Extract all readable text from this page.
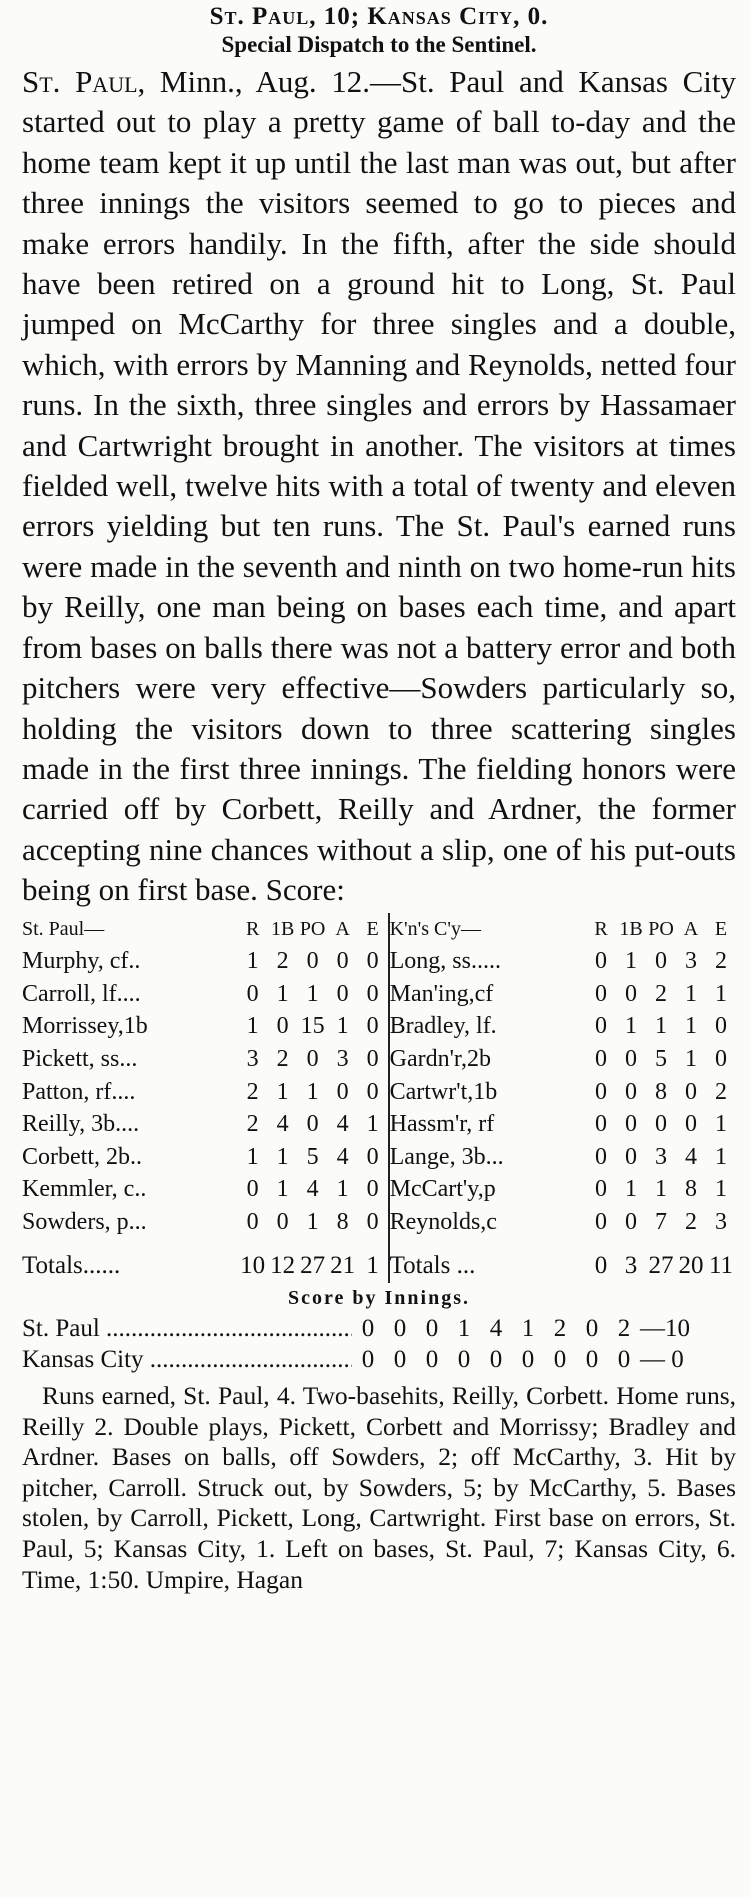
St. Paul, 10; Kansas City, 0.
Special Dispatch to the Sentinel.

St. Paul, Minn., Aug. 12.—St. Paul and Kansas City started out to play a pretty game of ball to-day and the home team kept it up until the last man was out, but after three innings the visitors seemed to go to pieces and make errors handily. In the fifth, after the side should have been retired on a ground hit to Long, St. Paul jumped on McCarthy for three singles and a double, which, with errors by Manning and Reynolds, netted four runs. In the sixth, three singles and errors by Hassamaer and Cartwright brought in another. The visitors at times fielded well, twelve hits with a total of twenty and eleven errors yielding but ten runs. The St. Paul's earned runs were made in the seventh and ninth on two home-run hits by Reilly, one man being on bases each time, and apart from bases on balls there was not a battery error and both pitchers were very effective—Sowders particularly so, holding the visitors down to three scattering singles made in the first three innings. The fielding honors were carried off by Corbett, Reilly and Ardner, the former accepting nine chances without a slip, one of his put-outs being on first base. Score:

St. Paul—	R	1B	PO	A	E	K'n's C'y—	R	1B	PO	A	E
Murphy, cf..	1	2	0	0	0	Long, ss.....	0	1	0	3	2
Carroll, lf....	0	1	1	0	0	Man'ing,cf	0	0	2	1	1
Morrissey,1b	1	0	15	1	0	Bradley, lf.	0	1	1	1	0
Pickett, ss...	3	2	0	3	0	Gardn'r,2b	0	0	5	1	0
Patton, rf....	2	1	1	0	0	Cartwr't,1b	0	0	8	0	2
Reilly, 3b....	2	4	0	4	1	Hassm'r, rf	0	0	0	0	1
Corbett, 2b..	1	1	5	4	0	Lange, 3b...	0	0	3	4	1
Kemmler, c..	0	1	4	1	0	McCart'y,p	0	1	1	8	1
Sowders, p...	0	0	1	8	0	Reynolds,c	0	0	7	2	3
Totals......	10	12	27	21	1	Totals ...	0	3	27	20	11
Score by Innings.
St. Paul .....	0 0 0 1 4 1 2 0 2 —10
Kansas City .....	0 0 0 0 0 0 0 0 0 — 0
Runs earned, St. Paul, 4. Two-basehits, Reilly, Corbett. Home runs, Reilly 2. Double plays, Pickett, Corbett and Morrissy; Bradley and Ardner. Bases on balls, off Sowders, 2; off McCarthy, 3. Hit by pitcher, Carroll. Struck out, by Sowders, 5; by McCarthy, 5. Bases stolen, by Carroll, Pickett, Long, Cartwright. First base on errors, St. Paul, 5; Kansas City, 1. Left on bases, St. Paul, 7; Kansas City, 6. Time, 1:50. Umpire, Hagan
